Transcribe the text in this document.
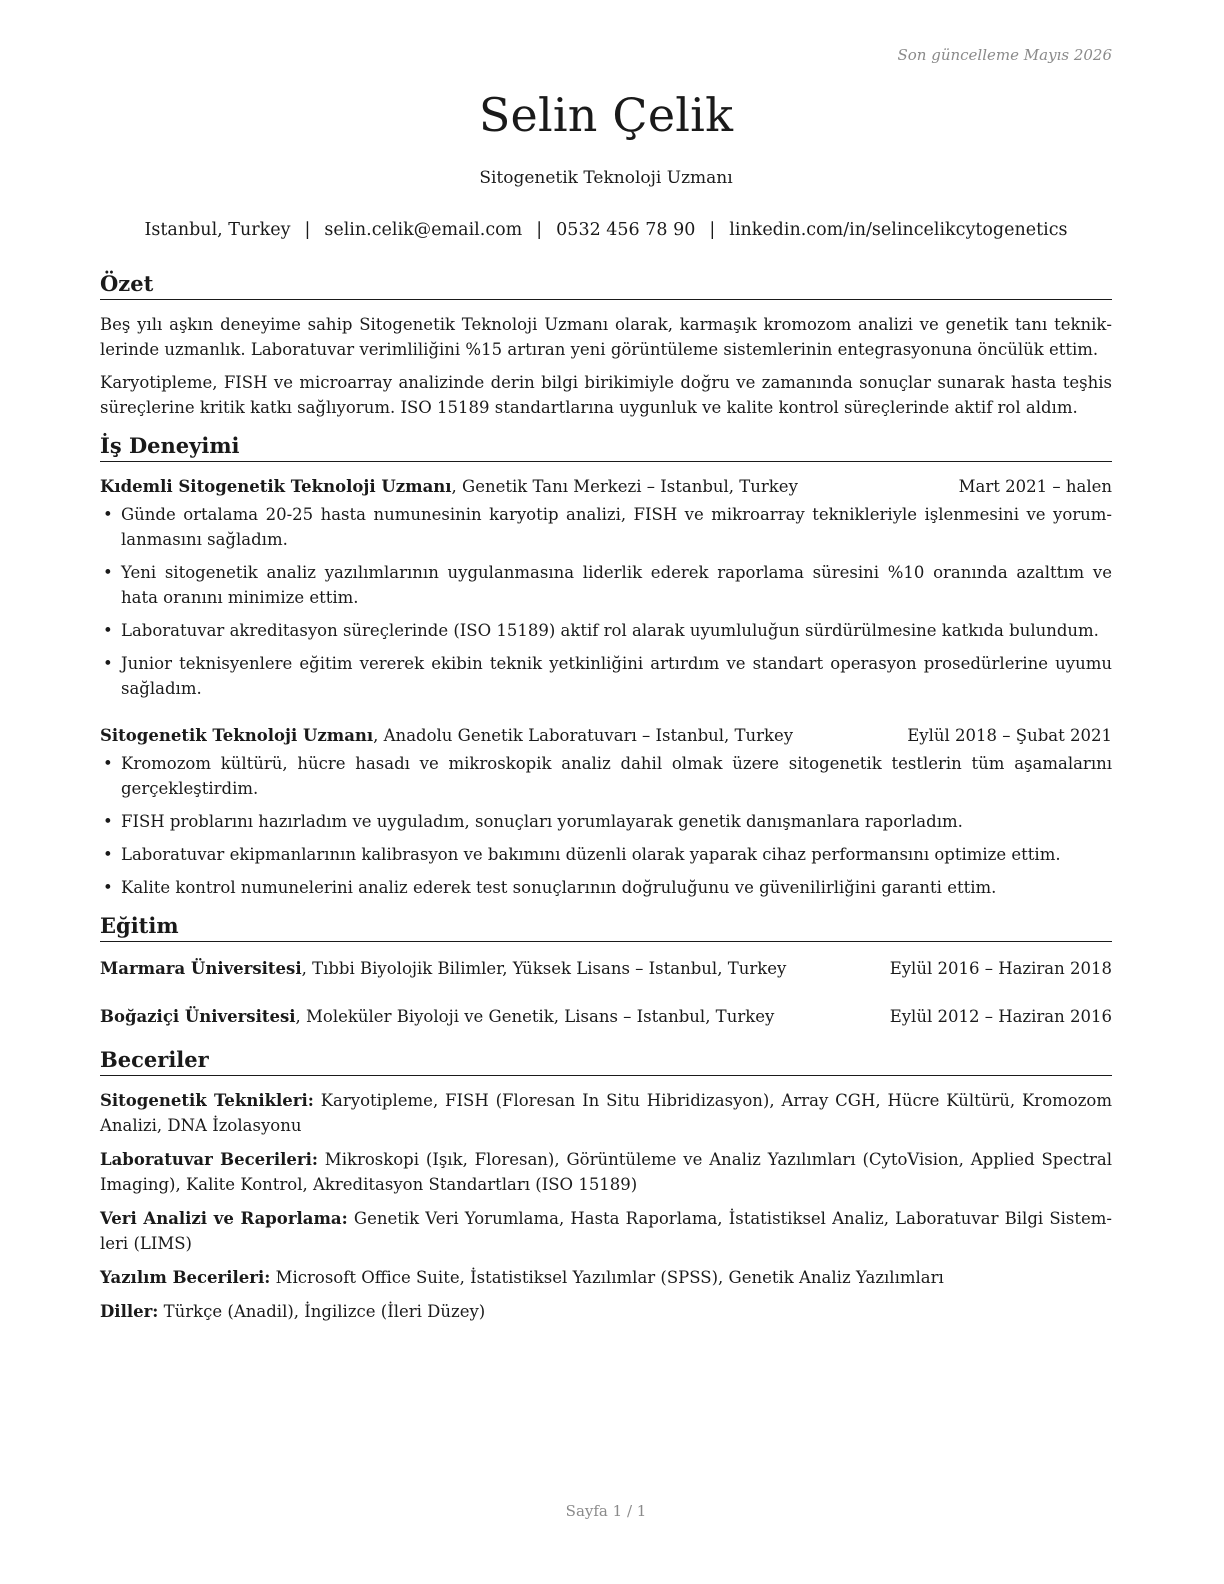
Son güncelleme Mayıs 2026
Selin Çelik
Sitogenetik Teknoloji Uzmanı
Istanbul, Turkey | selin.celik@email.com | 0532 456 78 90 | linkedin.com/in/selincelikcytogenetics
Özet

Beş yılı aşkın deneyime sahip Sitogenetik Teknoloji Uzmanı olarak, karmaşık kromozom analizi ve genetik tanı tekniklerinde uzmanlık. Laboratuvar verimliliğini %15 artıran yeni görüntüleme sistemlerinin entegrasyonuna öncülük ettim.

Karyotipleme, FISH ve microarray analizinde derin bilgi birikimiyle doğru ve zamanında sonuçlar sunarak hasta teşhis süreçlerine kritik katkı sağlıyorum. ISO 15189 standartlarına uygunluk ve kalite kontrol süreçlerinde aktif rol aldım.

İş Deneyimi
Kıdemli Sitogenetik Teknoloji Uzmanı, Genetik Tanı Merkezi – Istanbul, Turkey	Mart 2021 – halen
• Günde ortalama 20-25 hasta numunesinin karyotip analizi, FISH ve mikroarray teknikleriyle işlenmesini ve yorumlanmasını sağladım.
• Yeni sitogenetik analiz yazılımlarının uygulanmasına liderlik ederek raporlama süresini %10 oranında azalttım ve hata oranını minimize ettim.
• Laboratuvar akreditasyon süreçlerinde (ISO 15189) aktif rol alarak uyumluluğun sürdürülmesine katkıda bulundum.
• Junior teknisyenlere eğitim vererek ekibin teknik yetkinliğini artırdım ve standart operasyon prosedürlerine uyumu sağladım.
Sitogenetik Teknoloji Uzmanı, Anadolu Genetik Laboratuvarı – Istanbul, Turkey	Eylül 2018 – Şubat 2021
• Kromozom kültürü, hücre hasadı ve mikroskopik analiz dahil olmak üzere sitogenetik testlerin tüm aşamalarını gerçekleştirdim.
• FISH problarını hazırladım ve uyguladım, sonuçları yorumlayarak genetik danışmanlara raporladım.
• Laboratuvar ekipmanlarının kalibrasyon ve bakımını düzenli olarak yaparak cihaz performansını optimize ettim.
• Kalite kontrol numunelerini analiz ederek test sonuçlarının doğruluğunu ve güvenilirliğini garanti ettim.
Eğitim
Marmara Üniversitesi, Tıbbi Biyolojik Bilimler, Yüksek Lisans – Istanbul, Turkey	Eylül 2016 – Haziran 2018
Boğaziçi Üniversitesi, Moleküler Biyoloji ve Genetik, Lisans – Istanbul, Turkey	Eylül 2012 – Haziran 2016
Beceriler

Sitogenetik Teknikleri: Karyotipleme, FISH (Floresan In Situ Hibridizasyon), Array CGH, Hücre Kültürü, Kromozom Analizi, DNA İzolasyonu

Laboratuvar Becerileri: Mikroskopi (Işık, Floresan), Görüntüleme ve Analiz Yazılımları (CytoVision, Applied Spectral Imaging), Kalite Kontrol, Akreditasyon Standartları (ISO 15189)

Veri Analizi ve Raporlama: Genetik Veri Yorumlama, Hasta Raporlama, İstatistiksel Analiz, Laboratuvar Bilgi Sistemleri (LIMS)

Yazılım Becerileri: Microsoft Office Suite, İstatistiksel Yazılımlar (SPSS), Genetik Analiz Yazılımları

Diller: Türkçe (Anadil), İngilizce (İleri Düzey)

Sayfa 1 / 1
